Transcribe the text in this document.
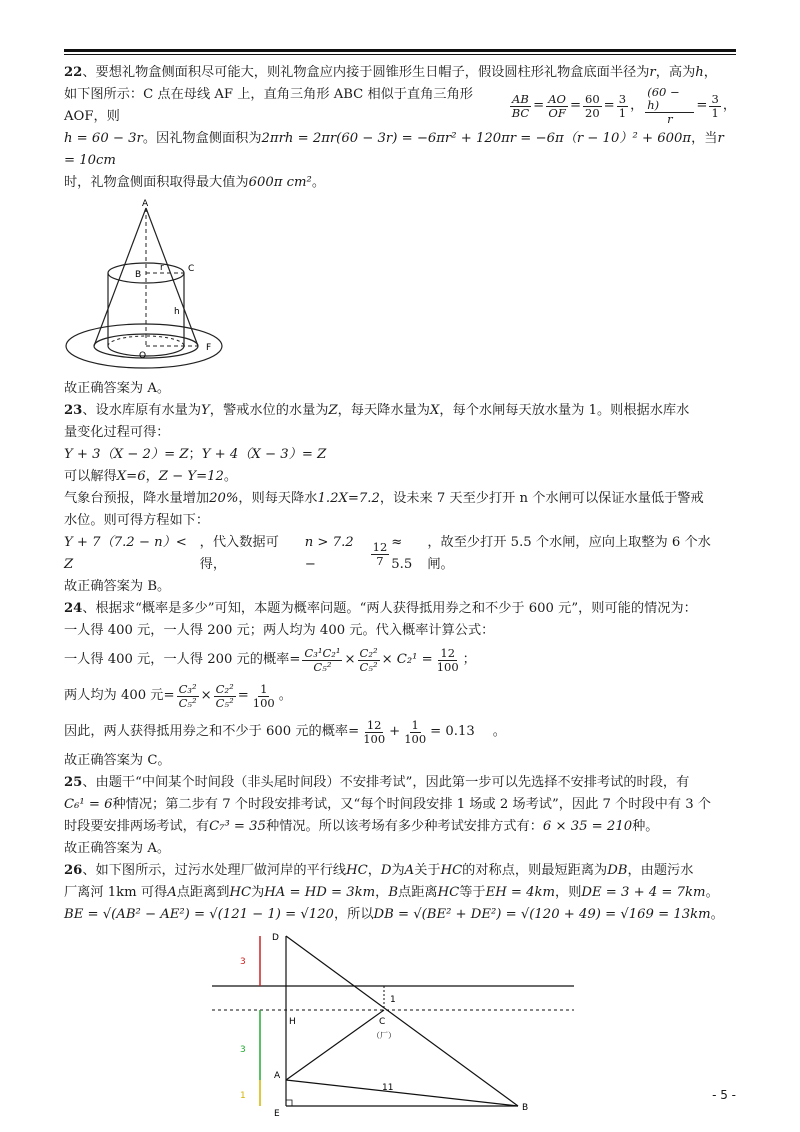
22、要想礼物盒侧面积尽可能大，则礼物盒应内接于圆锥形生日帽子，假设圆柱形礼物盒底面半径为r，高为h，

如下图所示：C 点在母线 AF 上，直角三角形 ABC 相似于直角三角形 AOF，则	$\frac{AB}{BC} = \frac{AO}{OF} = \frac{60}{20} = \frac{3}{1}$ ， $\frac{(60 - h)}{r} = \frac{3}{1}$ ，

h = 60 − 3r。因礼物盒侧面积为2πrh = 2πr(60 − 3r) = −6πr² + 120πr = −6π（r − 10）² + 600π，当r = 10cm

时，礼物盒侧面积取得最大值为600π cm²。

A
B
C
r
h
O
F

故正确答案为 A。

23、设水库原有水量为Y，警戒水位的水量为Z，每天降水量为X，每个水闸每天放水量为 1。则根据水库水

量变化过程可得：

Y + 3（X − 2）= Z；Y + 4（X − 3）= Z

可以解得X=6，Z − Y=12。

气象台预报，降水量增加20%，则每天降水1.2X=7.2，设未来 7 天至少打开 n 个水闸可以保证水量低于警戒

水位。则可得方程如下：

Y + 7（7.2 − n）< Z
，代入数据可得，
n > 7.2 −	$\frac{12}{7} \approx 5.5$
，故至少打开 5.5 个水闸，应向上取整为 6 个水闸。

故正确答案为 B。

24、根据求“概率是多少”可知，本题为概率问题。“两人获得抵用券之和不少于 600 元”，则可能的情况为：

一人得 400 元，一人得 200 元；两人均为 400 元。代入概率计算公式：

一人得 400 元，一人得 200 元的概率 = $\frac{\text{C₃¹C₂¹}}{\text{C₅²}} \times \frac{\text{C₂²}}{\text{C₅²}} \times C_2^1 = \frac{12}{100}$ ；

两人均为 400 元 = $\frac{\text{C₃²}}{\text{C₅²}} \times \frac{\text{C₂²}}{\text{C₅²}} = \frac{1}{100}$ 。

因此，两人获得抵用券之和不少于 600 元的概率 = $\frac{12}{100} + \frac{1}{100} = 0.13$ 。

故正确答案为 C。

25、由题干“中间某个时间段（非头尾时间段）不安排考试”，因此第一步可以先选择不安排考试的时段，有

C₆¹ = 6种情况；第二步有 7 个时段安排考试，又“每个时间段安排 1 场或 2 场考试”，因此 7 个时段中有 3 个

时段要安排两场考试，有C₇³ = 35种情况。所以该考场有多少种考试安排方式有：6 × 35 = 210种。

故正确答案为 A。

26、如下图所示，过污水处理厂做河岸的平行线HC，D为A关于HC的对称点，则最短距离为DB，由题污水

厂离河 1km 可得A点距离到HC为HA = HD = 3km，B点距离HC等于EH = 4km，则DE = 3 + 4 = 7km。

BE = √(AB² − AE²) = √(121 − 1) = √120，所以DB = √(BE² + DE²) = √(120 + 49) = √169 = 13km。

D
3
H	C
（厂）
1
3
A
1
E
11
B
- 5 -
